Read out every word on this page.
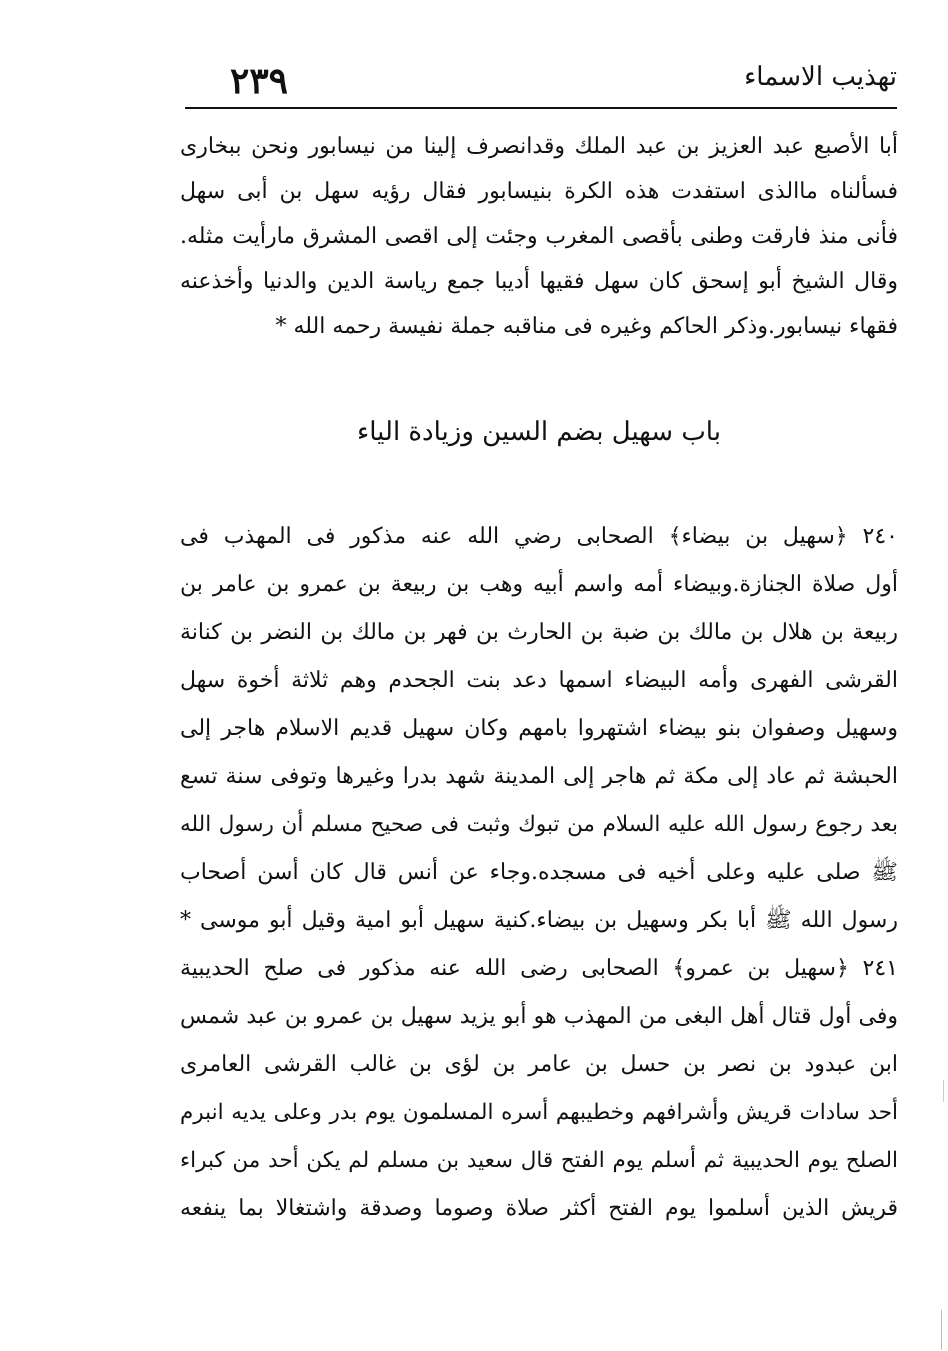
٢٣٩	تهذيب الاسماء
أبا الأصبع عبد العزيز بن عبد الملك وقدانصرف إلينا من نيسابور ونحن ببخارى
فسألناه ماالذى استفدت هذه الكرة بنيسابور فقال رؤيه سهل بن أبى سهل
فأنى منذ فارقت وطنى بأقصى المغرب وجئت إلى اقصى المشرق مارأيت مثله.
وقال الشيخ أبو إسحق كان سهل فقيها أديبا جمع رياسة الدين والدنيا وأخذعنه
فقهاء نيسابور.وذكر الحاكم وغيره فى مناقبه جملة نفيسة رحمه الله *
باب سهيل بضم السين وزيادة الياء
٢٤٠ ﴿سهيل بن بيضاء﴾ الصحابى رضي الله عنه مذكور فى المهذب فى
أول صلاة الجنازة.وبيضاء أمه واسم أبيه وهب بن ربيعة بن عمرو بن عامر بن
ربيعة بن هلال بن مالك بن ضبة بن الحارث بن فهر بن مالك بن النضر بن كنانة
القرشى الفهرى وأمه البيضاء اسمها دعد بنت الجحدم وهم ثلاثة أخوة سهل
وسهيل وصفوان بنو بيضاء اشتهروا بامهم وكان سهيل قديم الاسلام هاجر إلى
الحبشة ثم عاد إلى مكة ثم هاجر إلى المدينة شهد بدرا وغيرها وتوفى سنة تسع
بعد رجوع رسول الله عليه السلام من تبوك وثبت فى صحيح مسلم أن رسول الله
ﷺ صلى عليه وعلى أخيه فى مسجده.وجاء عن أنس قال كان أسن أصحاب
رسول الله ﷺ أبا بكر وسهيل بن بيضاء.كنية سهيل أبو امية وقيل أبو موسى *
٢٤١ ﴿سهيل بن عمرو﴾ الصحابى رضى الله عنه مذكور فى صلح الحديبية
وفى أول قتال أهل البغى من المهذب هو أبو يزيد سهيل بن عمرو بن عبد شمس
ابن عبدود بن نصر بن حسل بن عامر بن لؤى بن غالب القرشى العامرى
أحد سادات قريش وأشرافهم وخطيبهم أسره المسلمون يوم بدر وعلى يديه انبرم
الصلح يوم الحديبية ثم أسلم يوم الفتح قال سعيد بن مسلم لم يكن أحد من كبراء
قريش الذين أسلموا يوم الفتح أكثر صلاة وصوما وصدقة واشتغالا بما ينفعه
